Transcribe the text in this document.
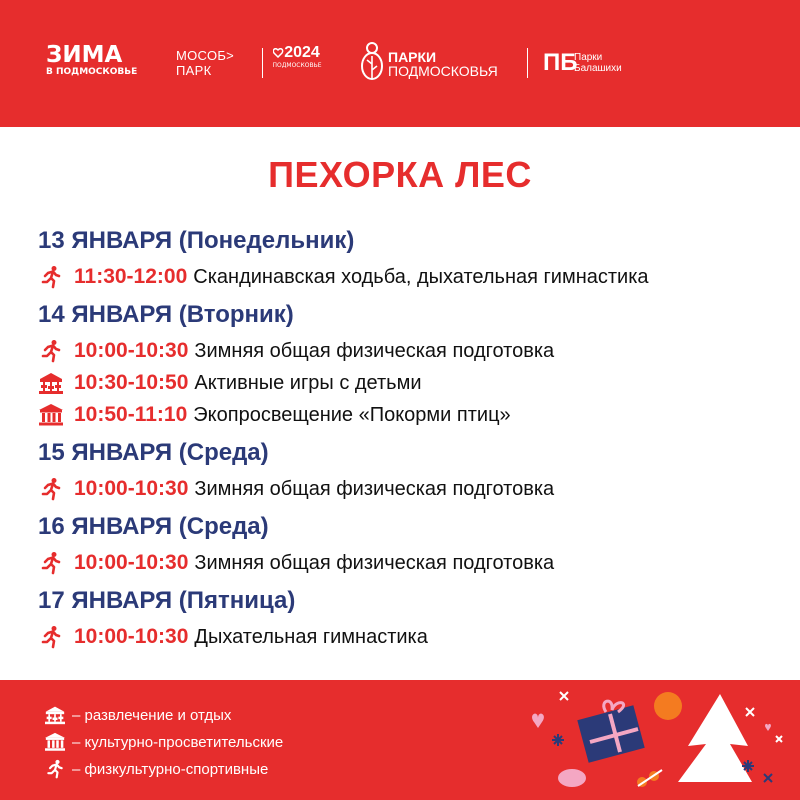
ЗИМА
В ПОДМОСКОВЬЕ
МОСОБ>
ПАРК
2024
ПОДМОСКОВЬЕ
ПАРКИ
ПОДМОСКОВЬЯ ПБ
Парки
Балашихи
ПЕХОРКА ЛЕС
13 ЯНВАРЯ (Понедельник)
11:30-12:00 Скандинавская ходьба, дыхательная гимнастика
14 ЯНВАРЯ (Вторник)
10:00-10:30 Зимняя общая физическая подготовка
10:30-10:50 Активные игры с детьми
10:50-11:10 Экопросвещение «Покорми птиц»
15 ЯНВАРЯ (Среда)
10:00-10:30 Зимняя общая физическая подготовка
16 ЯНВАРЯ (Среда)
10:00-10:30 Зимняя общая физическая подготовка
17 ЯНВАРЯ (Пятница)
10:00-10:30 Дыхательная гимнастика
– развлечение и отдых
– культурно-просветительские
– физкультурно-спортивные
